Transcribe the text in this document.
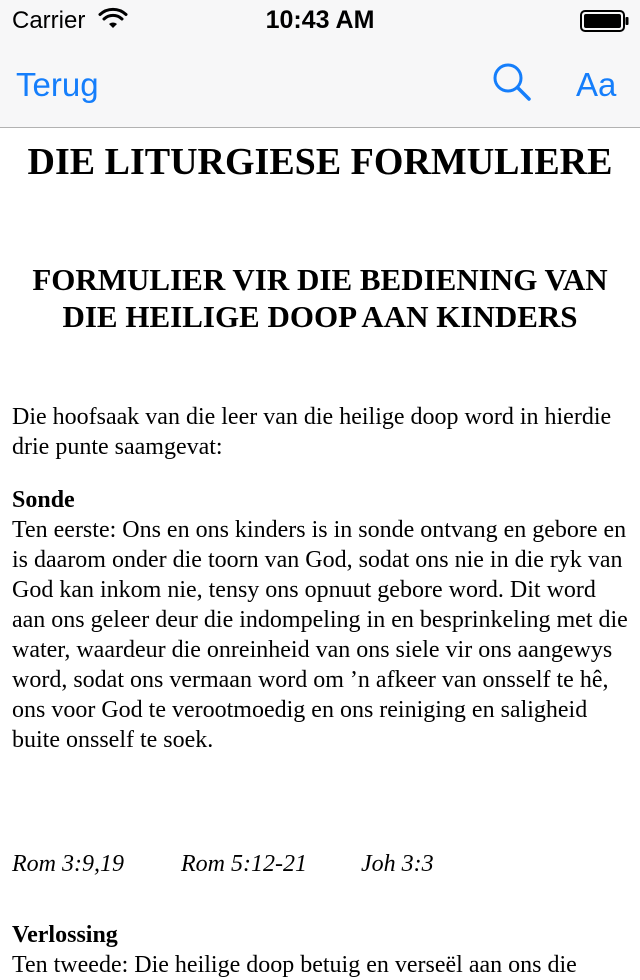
Carrier	10:43 AM
Terug	Aa
DIE LITURGIESE FORMULIERE
FORMULIER VIR DIE BEDIENING VAN DIE HEILIGE DOOP AAN KINDERS
Die hoofsaak van die leer van die heilige doop word in hierdie drie punte saamgevat:
Sonde
Ten eerste: Ons en ons kinders is in sonde ontvang en gebore en is daarom onder die toorn van God, sodat ons nie in die ryk van God kan inkom nie, tensy ons opnuut gebore word. Dit word aan ons geleer deur die indompeling in en besprinkeling met die water, waardeur die onreinheid van ons siele vir ons aangewys word, sodat ons vermaan word om ’n afkeer van onsself te hê, ons voor God te verootmoedig en ons reiniging en saligheid buite onsself te soek.
Rom 3:9,19 Rom 5:12-21 Joh 3:3
Verlossing
Ten tweede: Die heilige doop betuig en verseël aan ons die
